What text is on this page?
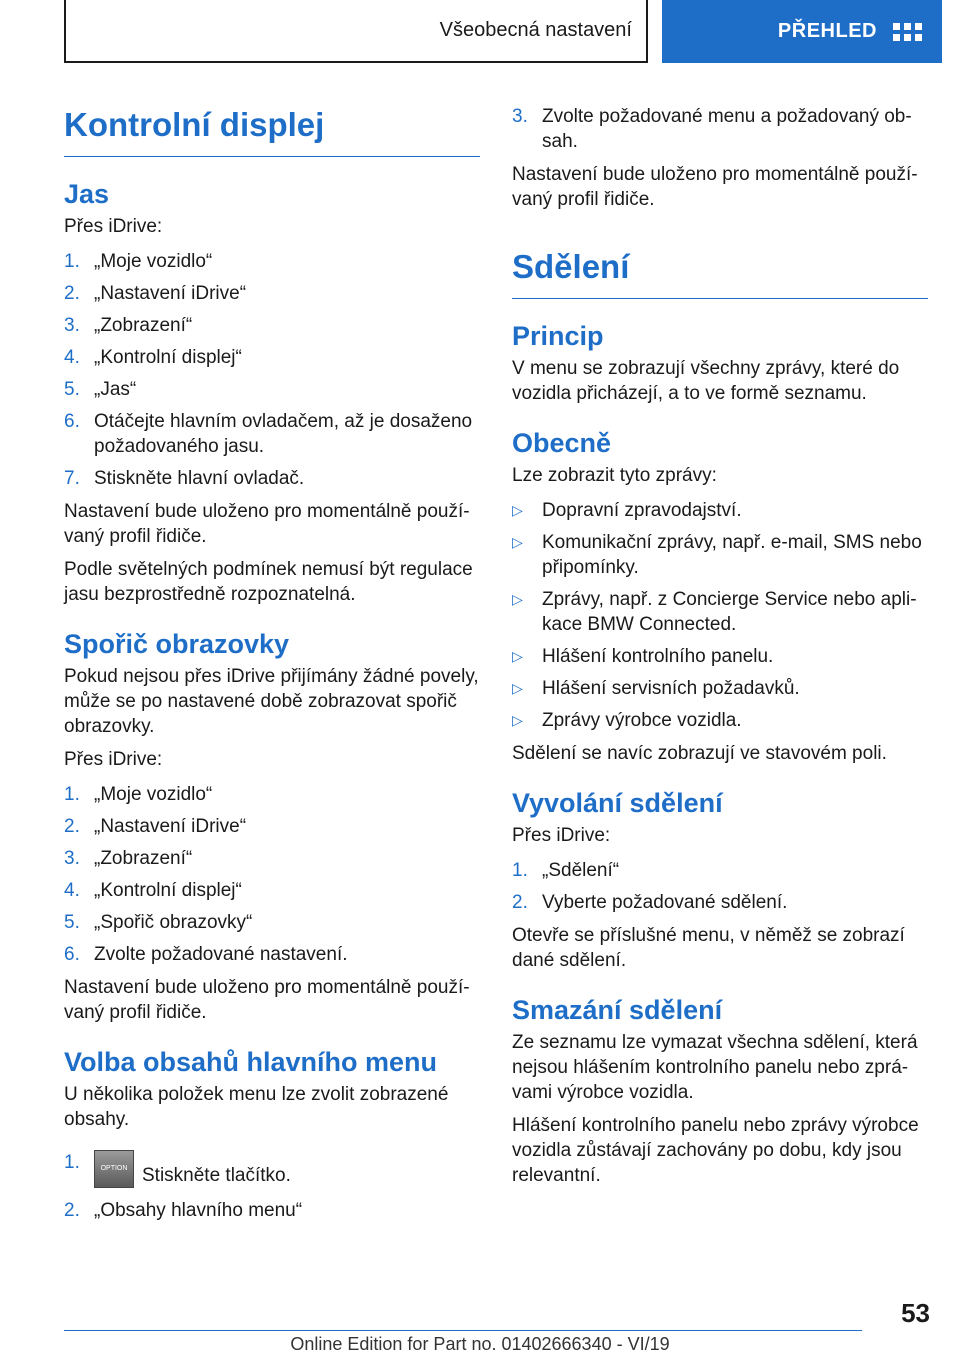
Všeobecná nastavení	PŘEHLED
Kontrolní displej
Jas

Přes iDrive:

1. „Moje vozidlo“
2. „Nastavení iDrive“
3. „Zobrazení“
4. „Kontrolní displej“
5. „Jas“
6. Otáčejte hlavním ovladačem, až je dosaženo požadovaného jasu.
7. Stiskněte hlavní ovladač.

Nastavení bude uloženo pro momentálně používaný profil řidiče.

Podle světelných podmínek nemusí být regulace jasu bezprostředně rozpoznatelná.

Spořič obrazovky

Pokud nejsou přes iDrive přijímány žádné povely, může se po nastavené době zobrazovat spořič obrazovky.

Přes iDrive:

1. „Moje vozidlo“
2. „Nastavení iDrive“
3. „Zobrazení“
4. „Kontrolní displej“
5. „Spořič obrazovky“
6. Zvolte požadované nastavení.

Nastavení bude uloženo pro momentálně používaný profil řidiče.

Volba obsahů hlavního menu

U několika položek menu lze zvolit zobrazené obsahy.

1.	OPTION Stiskněte tlačítko.
2. „Obsahy hlavního menu“
3. Zvolte požadované menu a požadovaný obsah.

Nastavení bude uloženo pro momentálně používaný profil řidiče.

Sdělení
Princip

V menu se zobrazují všechny zprávy, které do vozidla přicházejí, a to ve formě seznamu.

Obecně

Lze zobrazit tyto zprávy:

▷ Dopravní zpravodajství.
▷ Komunikační zprávy, např. e-mail, SMS nebo připomínky.
▷ Zprávy, např. z Concierge Service nebo aplikace BMW Connected.
▷ Hlášení kontrolního panelu.
▷ Hlášení servisních požadavků.
▷ Zprávy výrobce vozidla.

Sdělení se navíc zobrazují ve stavovém poli.

Vyvolání sdělení

Přes iDrive:

1. „Sdělení“
2. Vyberte požadované sdělení.

Otevře se příslušné menu, v něměž se zobrazí dané sdělení.

Smazání sdělení

Ze seznamu lze vymazat všechna sdělení, která nejsou hlášením kontrolního panelu nebo zprávami výrobce vozidla.

Hlášení kontrolního panelu nebo zprávy výrobce vozidla zůstávají zachovány po dobu, kdy jsou relevantní.

53
Online Edition for Part no. 01402666340 - VI/19
